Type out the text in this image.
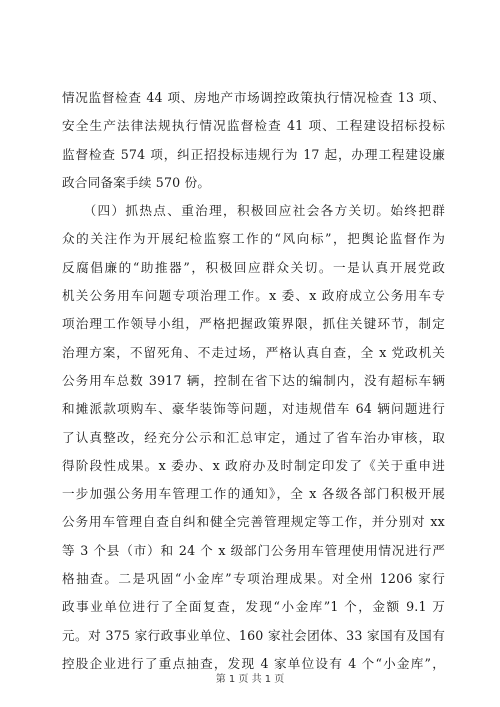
情况监督检查 44 项、房地产市场调控政策执行情况检查 13 项、
安全生产法律法规执行情况监督检查 41 项、工程建设招标投标
监督检查 574 项，纠正招投标违规行为 17 起，办理工程建设廉
政合同备案手续 570 份。
　　（四）抓热点、重治理，积极回应社会各方关切。始终把群
众的关注作为开展纪检监察工作的“风向标”，把舆论监督作为
反腐倡廉的“助推器”，积极回应群众关切。一是认真开展党政
机关公务用车问题专项治理工作。x 委、x 政府成立公务用车专
项治理工作领导小组，严格把握政策界限，抓住关键环节，制定
治理方案，不留死角、不走过场，严格认真自查，全 x 党政机关
公务用车总数 3917 辆，控制在省下达的编制内，没有超标车辆
和摊派款项购车、豪华装饰等问题，对违规借车 64 辆问题进行
了认真整改，经充分公示和汇总审定，通过了省车治办审核，取
得阶段性成果。x 委办、x 政府办及时制定印发了《关于重申进
一步加强公务用车管理工作的通知》，全 x 各级各部门积极开展
公务用车管理自查自纠和健全完善管理规定等工作，并分别对 xx
等 3 个县（市）和 24 个 x 级部门公务用车管理使用情况进行严
格抽查。二是巩固“小金库”专项治理成果。对全州 1206 家行
政事业单位进行了全面复查，发现“小金库”1 个，金额 9.1 万
元。对 375 家行政事业单位、160 家社会团体、33 家国有及国有
控股企业进行了重点抽查，发现 4 家单位设有 4 个“小金库”，
第 1 页 共 1 页
